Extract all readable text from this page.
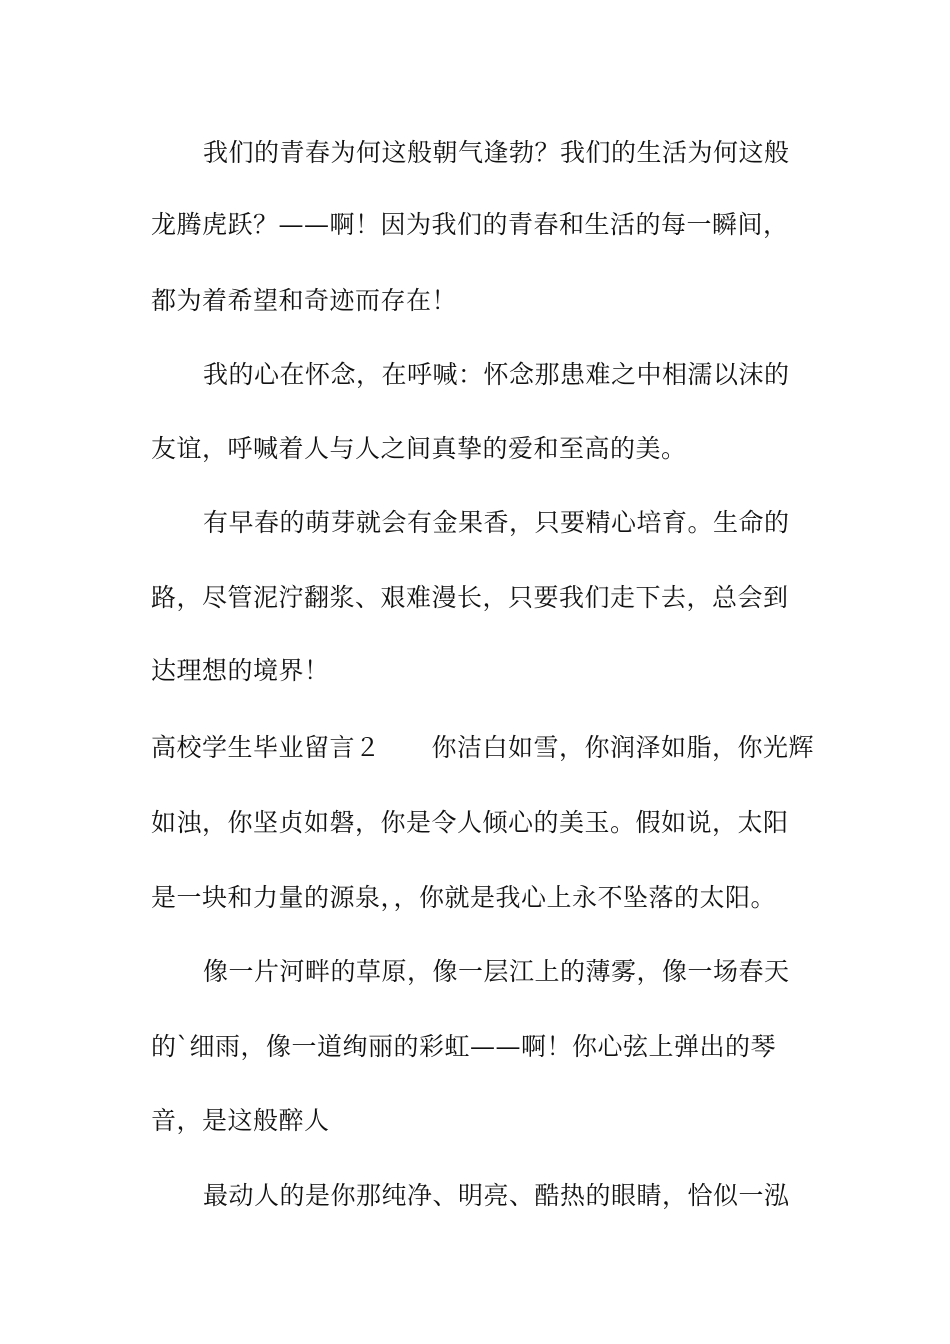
我们的青春为何这般朝气逢勃？我们的生活为何这般
龙腾虎跃？——啊！因为我们的青春和生活的每一瞬间，
都为着希望和奇迹而存在！
我的心在怀念，在呼喊：怀念那患难之中相濡以沫的
友谊，呼喊着人与人之间真挚的爱和至高的美。
有早春的萌芽就会有金果香，只要精心培育。生命的
路，尽管泥泞翻浆、艰难漫长，只要我们走下去，总会到
达理想的境界！
高校学生毕业留言２　　你洁白如雪，你润泽如脂，你光辉
如浊，你坚贞如磐，你是令人倾心的美玉。假如说，太阳
是一块和力量的源泉，，你就是我心上永不坠落的太阳。
像一片河畔的草原，像一层江上的薄雾，像一场春天
的`细雨，像一道绚丽的彩虹——啊！你心弦上弹出的琴
音，是这般醉人
最动人的是你那纯净、明亮、酷热的眼睛，恰似一泓
